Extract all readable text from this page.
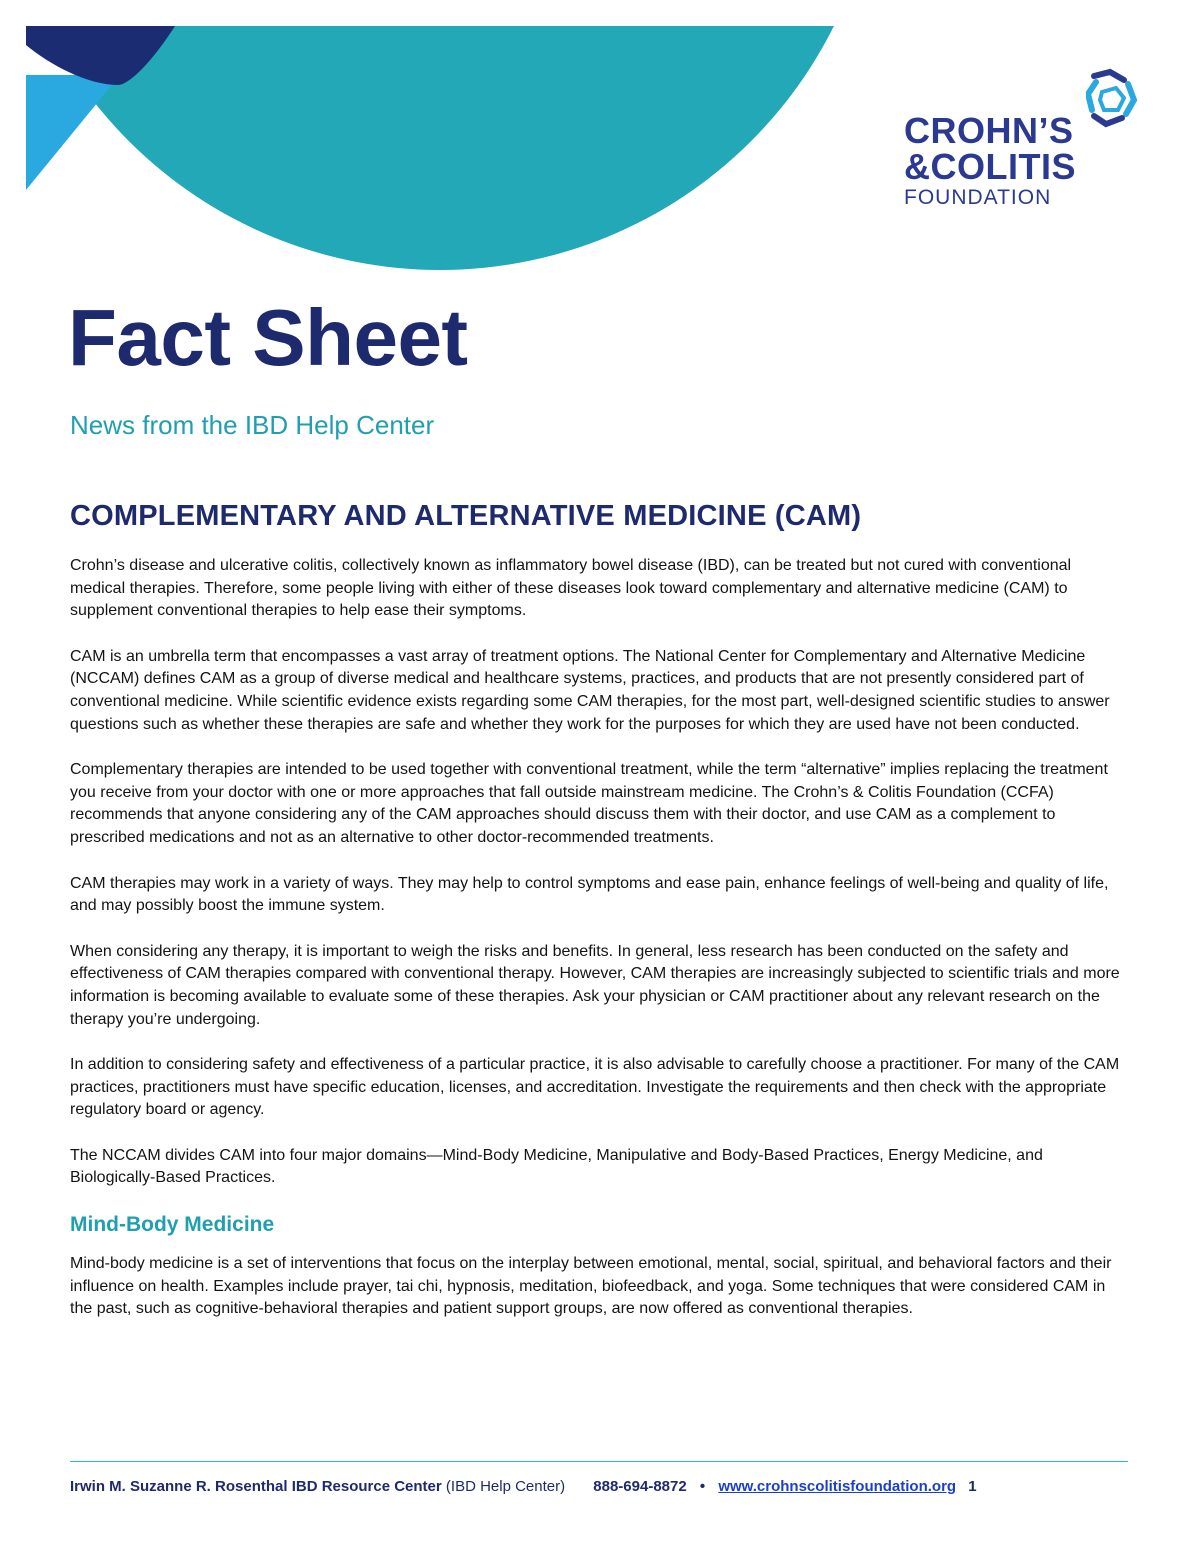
CROHN’S

&COLITIS

FOUNDATION

Fact Sheet
News from the IBD Help Center
COMPLEMENTARY AND ALTERNATIVE MEDICINE (CAM)

Crohn’s disease and ulcerative colitis, collectively known as inflammatory bowel disease (IBD), can be treated but not cured with conventional medical therapies. Therefore, some people living with either of these diseases look toward complementary and alternative medicine (CAM) to supplement conventional therapies to help ease their symptoms.

CAM is an umbrella term that encompasses a vast array of treatment options. The National Center for Complementary and Alternative Medicine (NCCAM) defines CAM as a group of diverse medical and healthcare systems, practices, and products that are not presently considered part of conventional medicine. While scientific evidence exists regarding some CAM therapies, for the most part, well-designed scientific studies to answer questions such as whether these therapies are safe and whether they work for the purposes for which they are used have not been conducted.

Complementary therapies are intended to be used together with conventional treatment, while the term “alternative” implies replacing the treatment you receive from your doctor with one or more approaches that fall outside mainstream medicine. The Crohn’s & Colitis Foundation (CCFA) recommends that anyone considering any of the CAM approaches should discuss them with their doctor, and use CAM as a complement to prescribed medications and not as an alternative to other doctor-recommended treatments.

CAM therapies may work in a variety of ways. They may help to control symptoms and ease pain, enhance feelings of well-being and quality of life, and may possibly boost the immune system.

When considering any therapy, it is important to weigh the risks and benefits. In general, less research has been conducted on the safety and effectiveness of CAM therapies compared with conventional therapy. However, CAM therapies are increasingly subjected to scientific trials and more information is becoming available to evaluate some of these therapies. Ask your physician or CAM practitioner about any relevant research on the therapy you’re undergoing.

In addition to considering safety and effectiveness of a particular practice, it is also advisable to carefully choose a practitioner. For many of the CAM practices, practitioners must have specific education, licenses, and accreditation. Investigate the requirements and then check with the appropriate regulatory board or agency.

The NCCAM divides CAM into four major domains—Mind-Body Medicine, Manipulative and Body-Based Practices, Energy Medicine, and Biologically-Based Practices.

Mind-Body Medicine

Mind-body medicine is a set of interventions that focus on the interplay between emotional, mental, social, spiritual, and behavioral factors and their influence on health. Examples include prayer, tai chi, hypnosis, meditation, biofeedback, and yoga. Some techniques that were considered CAM in the past, such as cognitive-behavioral therapies and patient support groups, are now offered as conventional therapies.

Irwin M. Suzanne R. Rosenthal IBD Resource Center (IBD Help Center) 888-694-8872 • www.crohnscolitisfoundation.org 1
